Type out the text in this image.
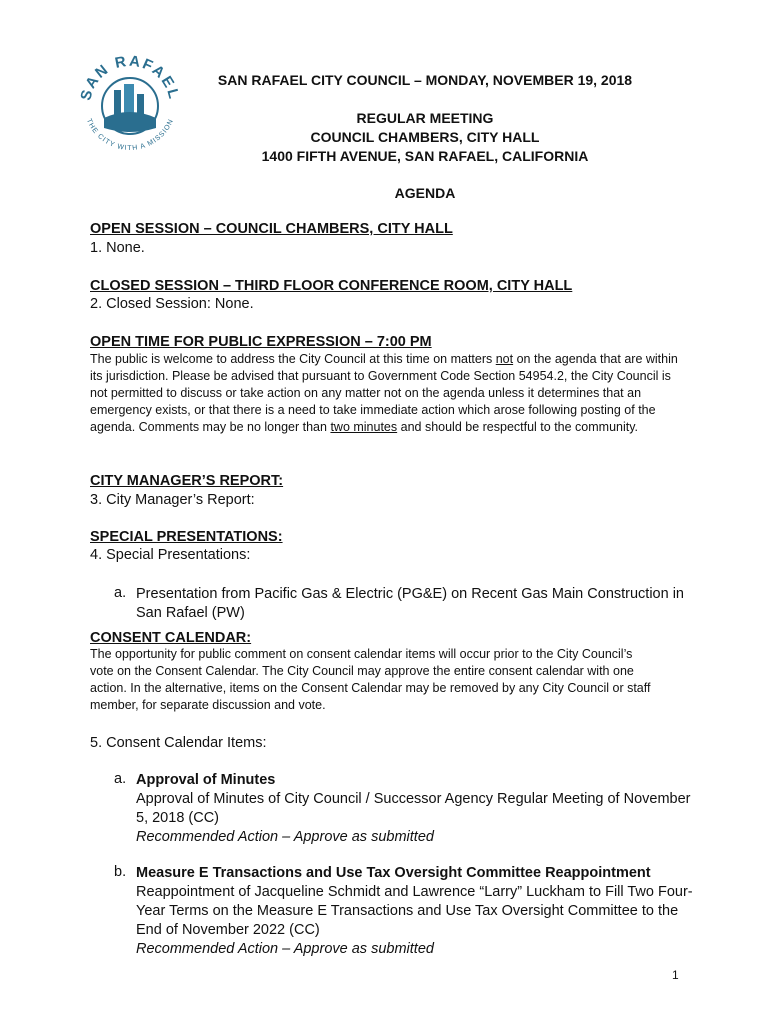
SAN RAFAEL
THE CITY WITH A MISSION
SAN RAFAEL CITY COUNCIL – MONDAY, NOVEMBER 19, 2018
REGULAR MEETING
COUNCIL CHAMBERS, CITY HALL
1400 FIFTH AVENUE, SAN RAFAEL, CALIFORNIA
AGENDA
OPEN SESSION – COUNCIL CHAMBERS, CITY HALL
1. None.
CLOSED SESSION – THIRD FLOOR CONFERENCE ROOM, CITY HALL
2. Closed Session: None.
OPEN TIME FOR PUBLIC EXPRESSION – 7:00 PM
The public is welcome to address the City Council at this time on matters not on the agenda that are within its jurisdiction. Please be advised that pursuant to Government Code Section 54954.2, the City Council is not permitted to discuss or take action on any matter not on the agenda unless it determines that an emergency exists, or that there is a need to take immediate action which arose following posting of the agenda. Comments may be no longer than two minutes and should be respectful to the community.
CITY MANAGER’S REPORT:
3. City Manager’s Report:
SPECIAL PRESENTATIONS:
4. Special Presentations:
a. Presentation from Pacific Gas & Electric (PG&E) on Recent Gas Main Construction in San Rafael (PW)
CONSENT CALENDAR:
The opportunity for public comment on consent calendar items will occur prior to the City Council’s vote on the Consent Calendar. The City Council may approve the entire consent calendar with one action. In the alternative, items on the Consent Calendar may be removed by any City Council or staff member, for separate discussion and vote.
5. Consent Calendar Items:
a. Approval of Minutes
Approval of Minutes of City Council / Successor Agency Regular Meeting of November 5, 2018 (CC)
Recommended Action – Approve as submitted
b. Measure E Transactions and Use Tax Oversight Committee Reappointment
Reappointment of Jacqueline Schmidt and Lawrence “Larry” Luckham to Fill Two Four-Year Terms on the Measure E Transactions and Use Tax Oversight Committee to the End of November 2022 (CC)
Recommended Action – Approve as submitted
1
